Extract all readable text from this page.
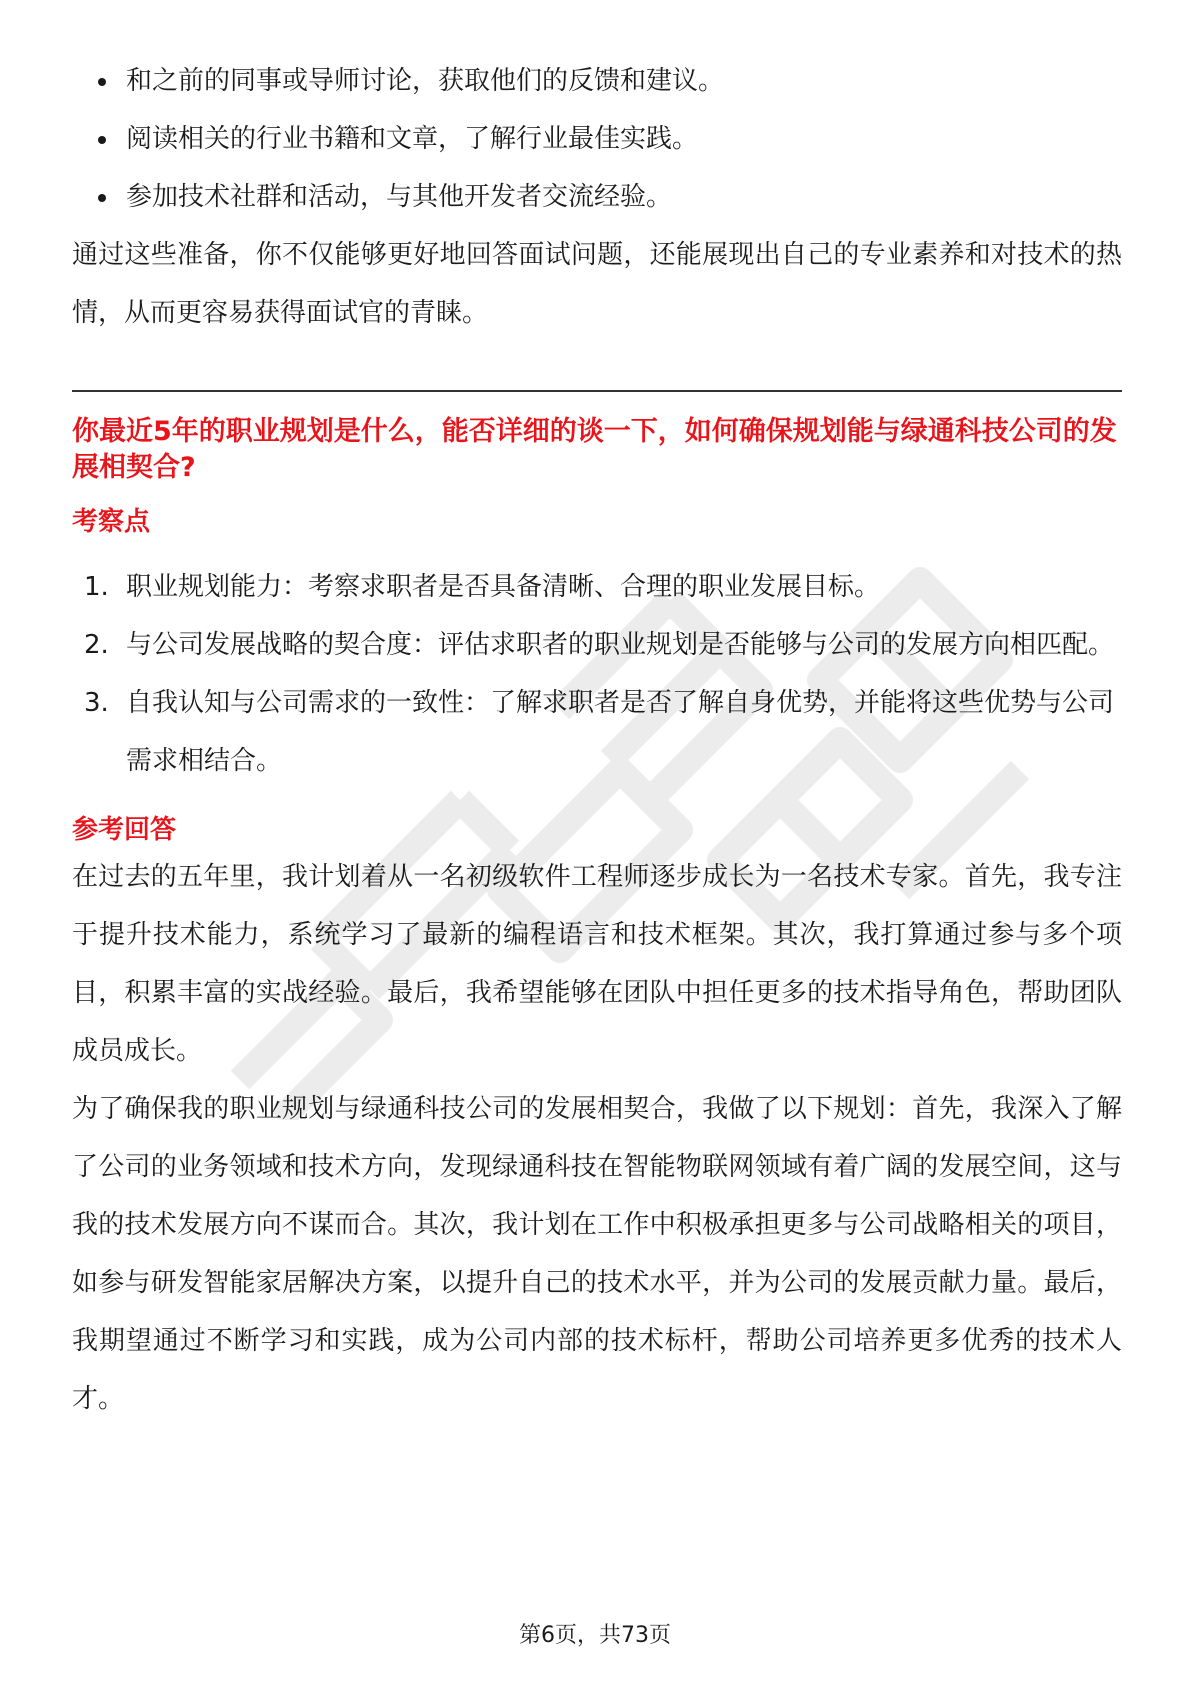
和之前的同事或导师讨论，获取他们的反馈和建议。
阅读相关的行业书籍和文章，了解行业最佳实践。
参加技术社群和活动，与其他开发者交流经验。

通过这些准备，你不仅能够更好地回答面试问题，还能展现出自己的专业素养和对技术的热情，从而更容易获得面试官的青睐。

你最近5年的职业规划是什么，能否详细的谈一下，如何确保规划能与绿通科技公司的发展相契合?
考察点
1. 职业规划能力：考察求职者是否具备清晰、合理的职业发展目标。
2. 与公司发展战略的契合度：评估求职者的职业规划是否能够与公司的发展方向相匹配。
3. 自我认知与公司需求的一致性：了解求职者是否了解自身优势，并能将这些优势与公司需求相结合。
参考回答

在过去的五年里，我计划着从一名初级软件工程师逐步成长为一名技术专家。首先，我专注于提升技术能力，系统学习了最新的编程语言和技术框架。其次，我打算通过参与多个项目，积累丰富的实战经验。最后，我希望能够在团队中担任更多的技术指导角色，帮助团队成员成长。

为了确保我的职业规划与绿通科技公司的发展相契合，我做了以下规划：首先，我深入了解了公司的业务领域和技术方向，发现绿通科技在智能物联网领域有着广阔的发展空间，这与我的技术发展方向不谋而合。其次，我计划在工作中积极承担更多与公司战略相关的项目，如参与研发智能家居解决方案，以提升自己的技术水平，并为公司的发展贡献力量。最后，我期望通过不断学习和实践，成为公司内部的技术标杆，帮助公司培养更多优秀的技术人才。

第6页，共73页
